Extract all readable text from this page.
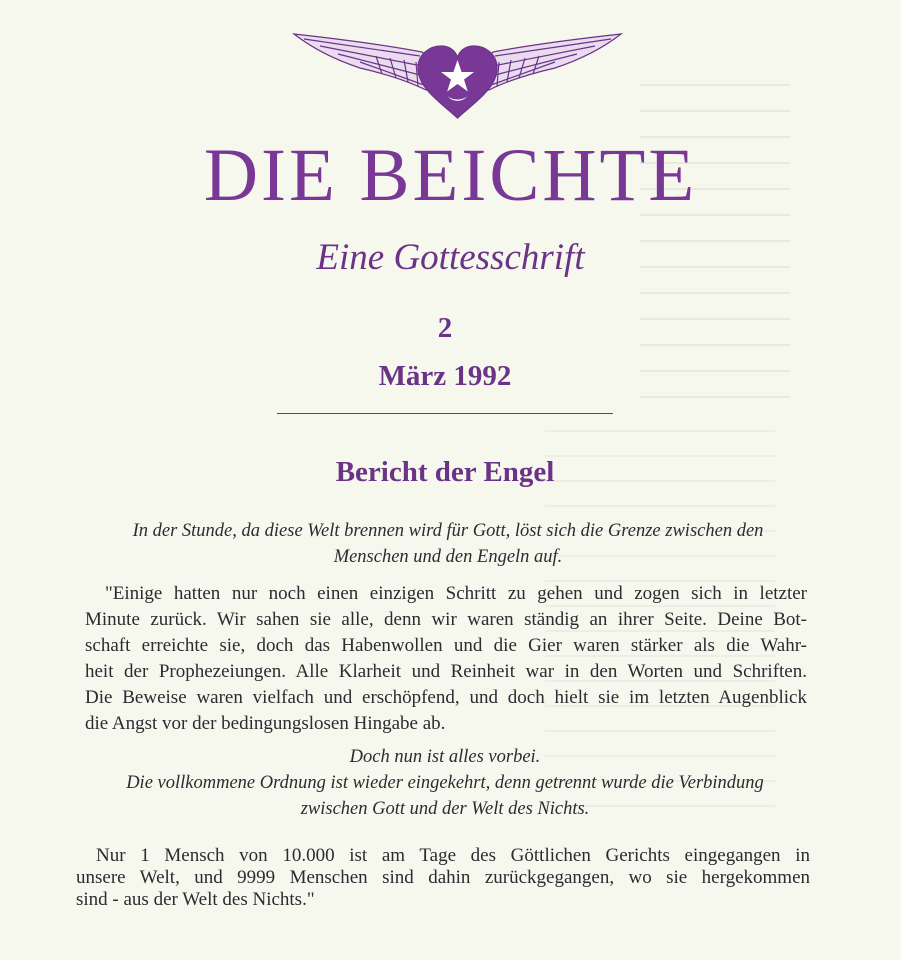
DIE BEICHTE
Eine Gottesschrift
2
März 1992
Bericht der Engel

In der Stunde, da diese Welt brennen wird für Gott, löst sich die Grenze zwischen den
Menschen und den Engeln auf.

"Einige hatten nur noch einen einzigen Schritt zu gehen und zogen sich in letzter
Minute zurück. Wir sahen sie alle, denn wir waren ständig an ihrer Seite. Deine Bot-
schaft erreichte sie, doch das Habenwollen und die Gier waren stärker als die Wahr-
heit der Prophezeiungen. Alle Klarheit und Reinheit war in den Worten und Schriften.
Die Beweise waren vielfach und erschöpfend, und doch hielt sie im letzten Augenblick
die Angst vor der bedingungslosen Hingabe ab.

Doch nun ist alles vorbei.
Die vollkommene Ordnung ist wieder eingekehrt, denn getrennt wurde die Verbindung
zwischen Gott und der Welt des Nichts.

Nur 1 Mensch von 10.000 ist am Tage des Göttlichen Gerichts eingegangen in
unsere Welt, und 9999 Menschen sind dahin zurückgegangen, wo sie hergekommen
sind - aus der Welt des Nichts."
